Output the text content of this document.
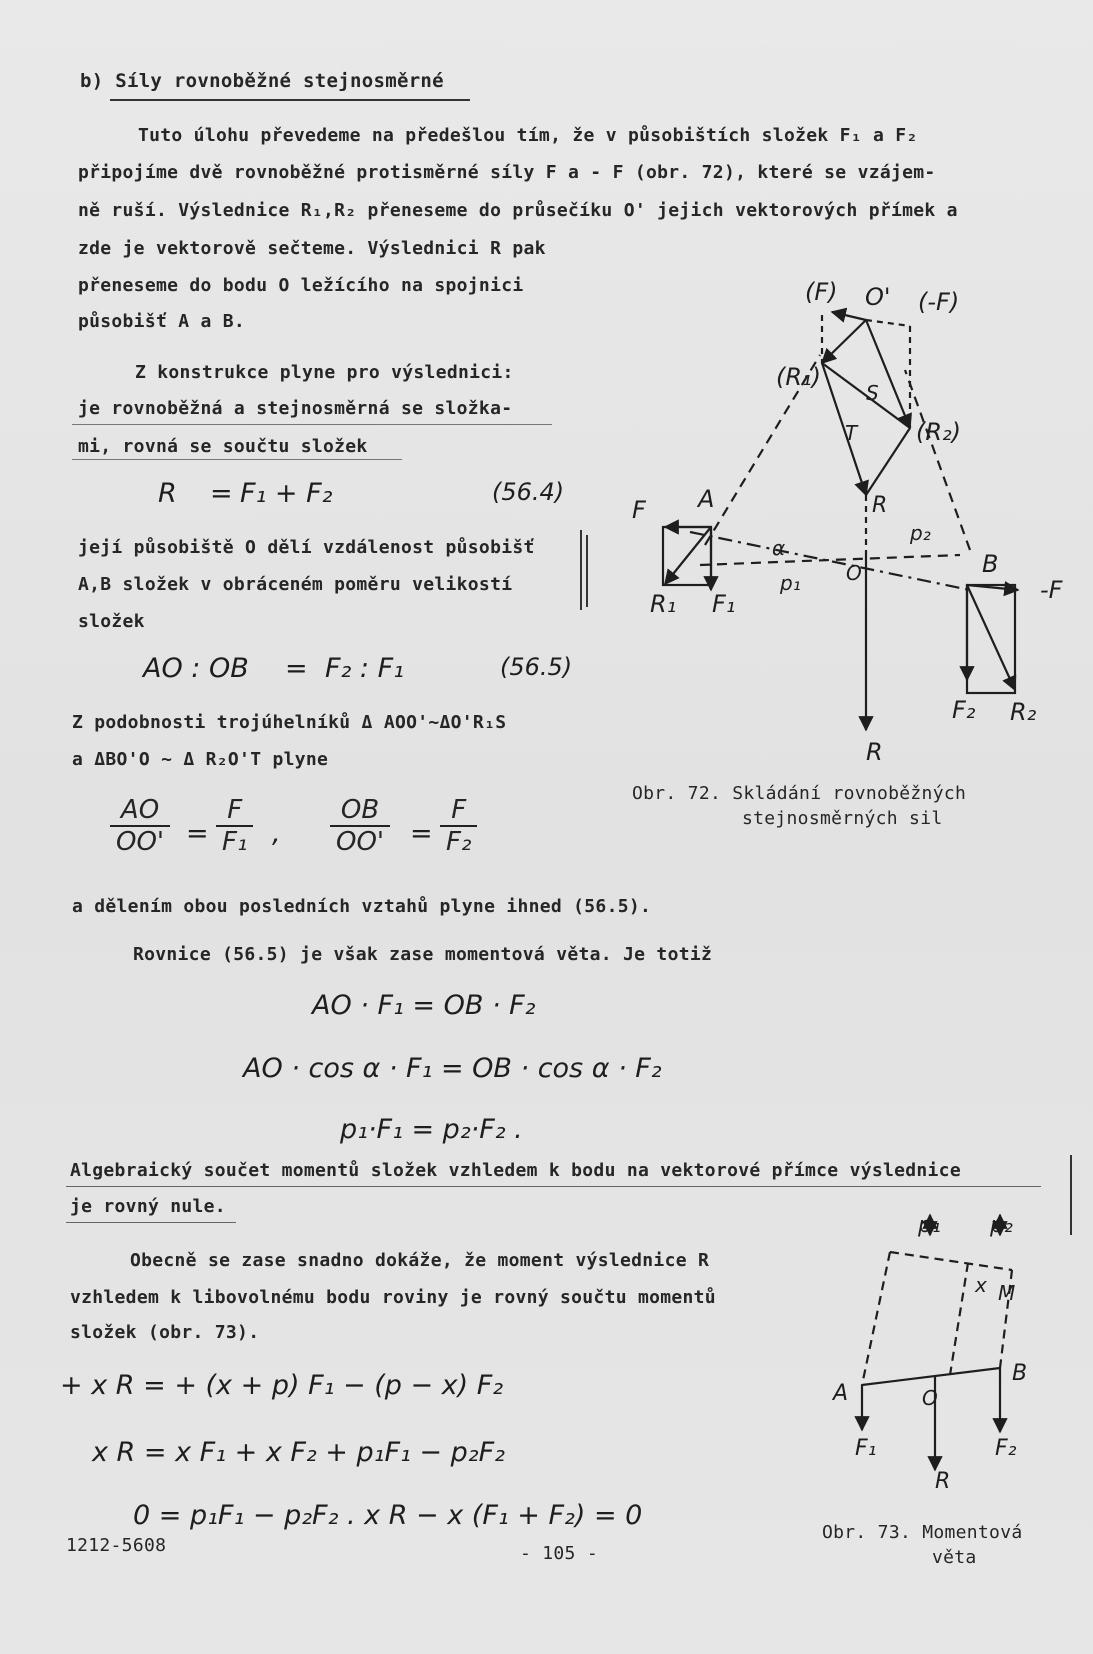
b) Síly rovnoběžné stejnosměrné
Tuto úlohu převedeme na předešlou tím, že v působištích složek F₁ a F₂
připojíme dvě rovnoběžné protisměrné síly F a - F (obr. 72), které se vzájem-
ně ruší. Výslednice R₁,R₂ přeneseme do průsečíku O' jejich vektorových přímek a
zde je vektorově sečteme. Výslednici R pak
přeneseme do bodu O ležícího na spojnici
působišť A a B.
Z konstrukce plyne pro výslednici:
je rovnoběžná a stejnosměrná se složka-
mi, rovná se součtu složek
R = F₁ + F₂	(56.4)
její působiště O dělí vzdálenost působišť
A,B složek v obráceném poměru velikostí
složek
AO : OB = F₂ : F₁	(56.5)
Z podobnosti trojúhelníků Δ AOO'~ΔO'R₁S
a ΔBO'O ~ Δ R₂O'T plyne
$\frac{AO}{OO'} = \frac{F}{\text{F₁}}$ , $\frac{OB}{OO'} = \frac{F}{\text{F₂}}$
a dělením obou posledních vztahů plyne ihned (56.5).
Rovnice (56.5) je však zase momentová věta. Je totiž
AO · F₁ = OB · F₂
AO · cos α · F₁ = OB · cos α · F₂
p₁·F₁ = p₂·F₂ .
Algebraický součet momentů složek vzhledem k bodu na vektorové přímce výslednice
je rovný nule.
Obecně se zase snadno dokáže, že moment výslednice R
vzhledem k libovolnému bodu roviny je rovný součtu momentů
složek (obr. 73).
+ x R = + (x + p) F₁ − (p − x) F₂
x R = x F₁ + x F₂ + p₁F₁ − p₂F₂
0 = p₁F₁ − p₂F₂ . x R − x (F₁ + F₂) = 0
1212-5608	- 105 -
(F) O' (-F)
(R₁)
S
T (R₂)
R
F A
α
p₁
p₂
B
-F
R₁ F₁
O
F₂ R₂
R
Obr. 72. Skládání rovnoběžných
stejnosměrných sil
p₁ p₂
x M
A
B
O
F₁
R
F₂
Obr. 73. Momentová
věta
